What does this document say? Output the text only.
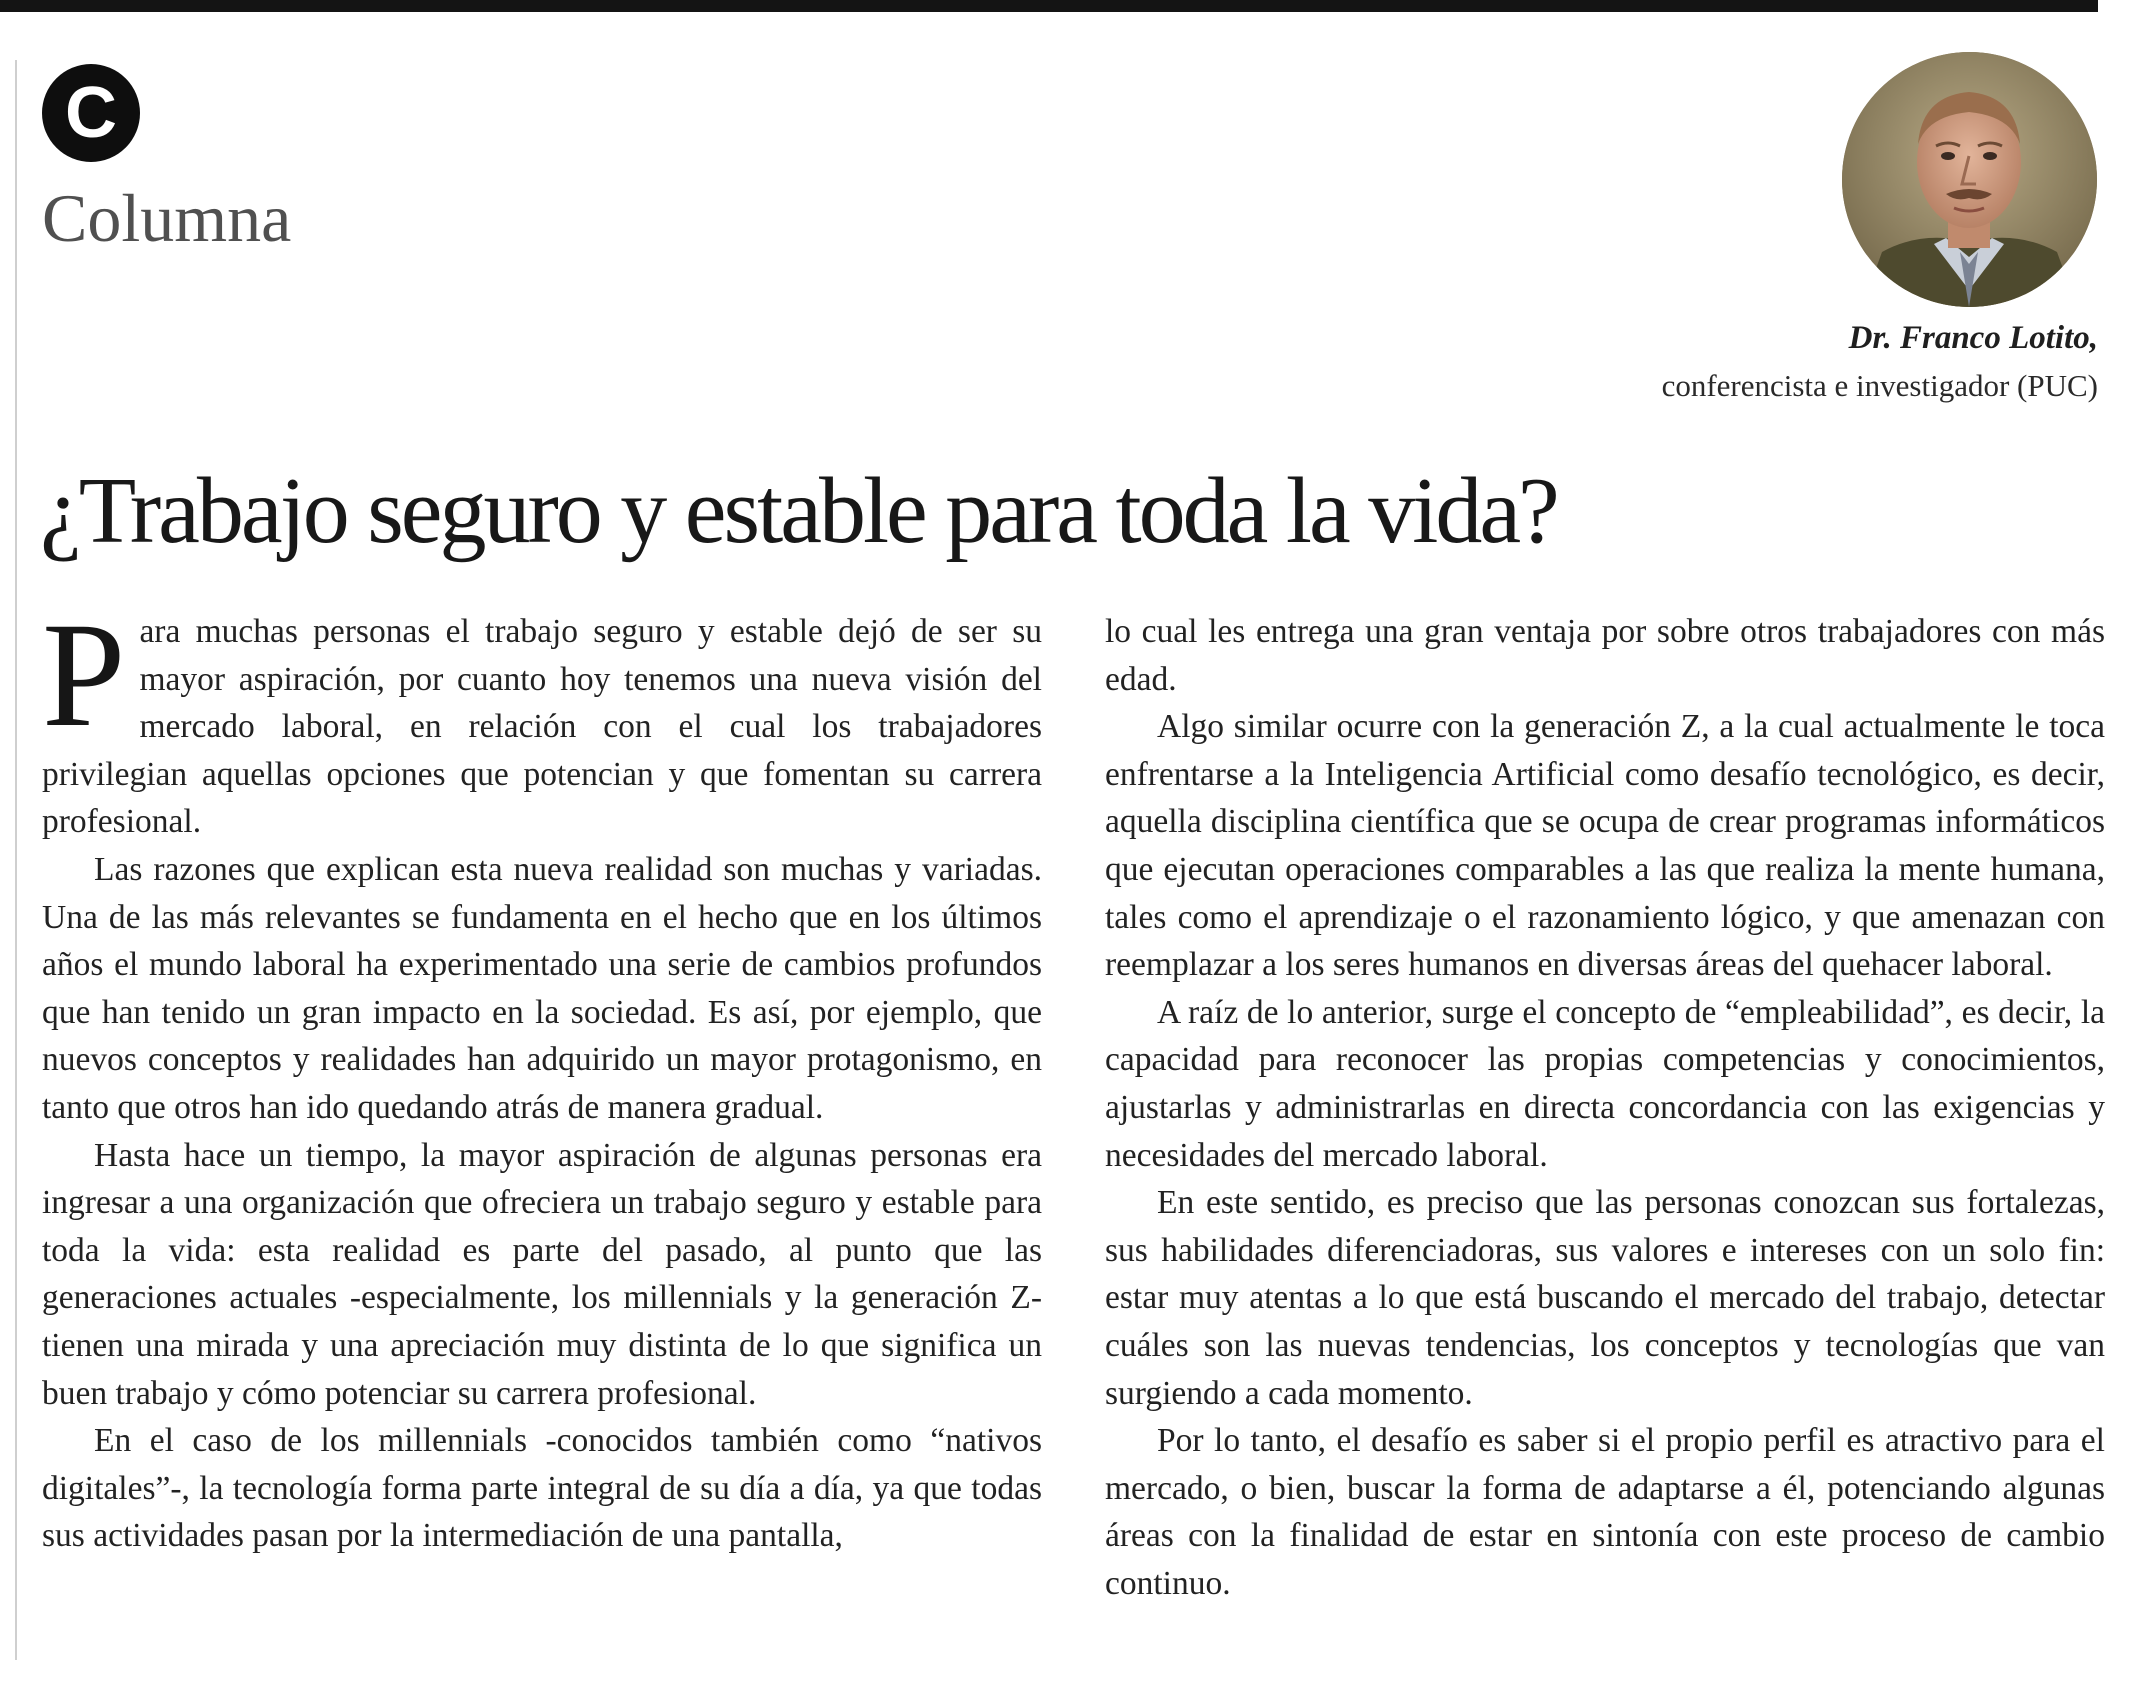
C
Columna
Dr. Franco Lotito,
conferencista e investigador (PUC)
¿Trabajo seguro y estable para toda la vida?

Para muchas personas el trabajo seguro y estable dejó de ser su mayor aspiración, por cuanto hoy tenemos una nueva visión del mercado laboral, en relación con el cual los trabajadores privilegian aquellas opciones que potencian y que fomentan su carrera profesional.

Las razones que explican esta nueva realidad son muchas y variadas. Una de las más relevantes se fundamenta en el hecho que en los últimos años el mundo laboral ha experimentado una serie de cambios profundos que han tenido un gran impacto en la sociedad. Es así, por ejemplo, que nuevos conceptos y realidades han adquirido un mayor protagonismo, en tanto que otros han ido quedando atrás de manera gradual.

Hasta hace un tiempo, la mayor aspiración de algunas personas era ingresar a una organización que ofreciera un trabajo seguro y estable para toda la vida: esta realidad es parte del pasado, al punto que las generaciones actuales -especialmente, los millennials y la generación Z- tienen una mirada y una apreciación muy distinta de lo que significa un buen trabajo y cómo potenciar su carrera profesional.

En el caso de los millennials -conocidos también como “nativos digitales”-, la tecnología forma parte integral de su día a día, ya que todas sus actividades pasan por la intermediación de una pantalla,

lo cual les entrega una gran ventaja por sobre otros trabajadores con más edad.

Algo similar ocurre con la generación Z, a la cual actualmente le toca enfrentarse a la Inteligencia Artificial como desafío tecnológico, es decir, aquella disciplina científica que se ocupa de crear programas informáticos que ejecutan operaciones comparables a las que realiza la mente humana, tales como el aprendizaje o el razonamiento lógico, y que amenazan con reemplazar a los seres humanos en diversas áreas del quehacer laboral.

A raíz de lo anterior, surge el concepto de “empleabilidad”, es decir, la capacidad para reconocer las propias competencias y conocimientos, ajustarlas y administrarlas en directa concordancia con las exigencias y necesidades del mercado laboral.

En este sentido, es preciso que las personas conozcan sus fortalezas, sus habilidades diferenciadoras, sus valores e intereses con un solo fin: estar muy atentas a lo que está buscando el mercado del trabajo, detectar cuáles son las nuevas tendencias, los conceptos y tecnologías que van surgiendo a cada momento.

Por lo tanto, el desafío es saber si el propio perfil es atractivo para el mercado, o bien, buscar la forma de adaptarse a él, potenciando algunas áreas con la finalidad de estar en sintonía con este proceso de cambio continuo.
